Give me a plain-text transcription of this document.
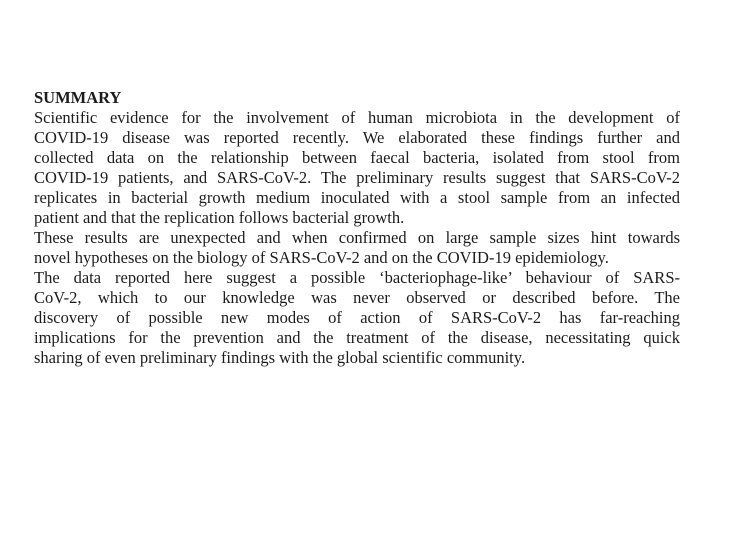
SUMMARY
Scientific evidence for the involvement of human microbiota in the development of
COVID-19 disease was reported recently. We elaborated these findings further and
collected data on the relationship between faecal bacteria, isolated from stool from
COVID-19 patients, and SARS-CoV-2. The preliminary results suggest that SARS-CoV-2
replicates in bacterial growth medium inoculated with a stool sample from an infected
patient and that the replication follows bacterial growth.
These results are unexpected and when confirmed on large sample sizes hint towards
novel hypotheses on the biology of SARS-CoV-2 and on the COVID-19 epidemiology.
The data reported here suggest a possible ‘bacteriophage-like’ behaviour of SARS-
CoV-2, which to our knowledge was never observed or described before. The
discovery of possible new modes of action of SARS-CoV-2 has far-reaching
implications for the prevention and the treatment of the disease, necessitating quick
sharing of even preliminary findings with the global scientific community.
